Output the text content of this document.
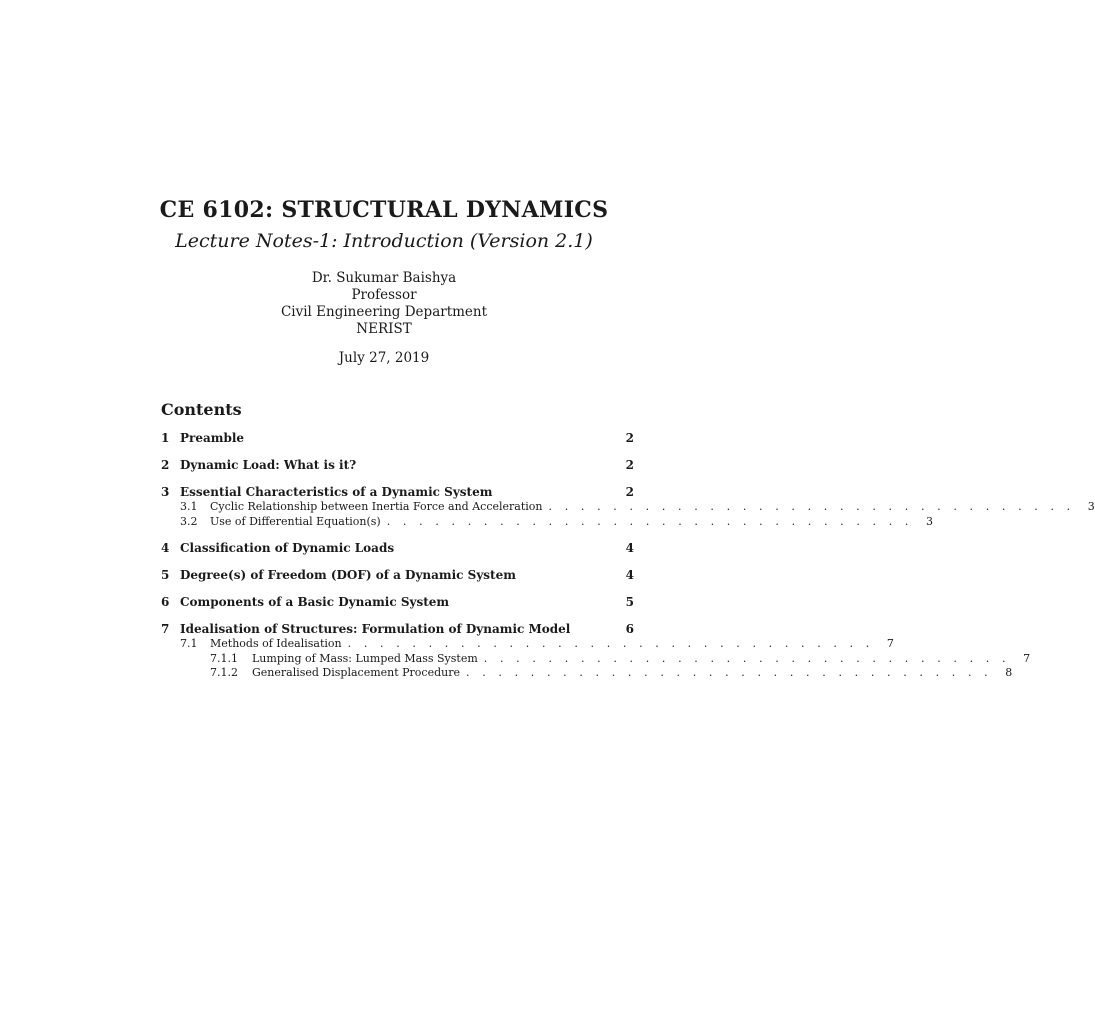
CE 6102: STRUCTURAL DYNAMICS
Lecture Notes-1: Introduction (Version 2.1)
Dr. Sukumar Baishya
Professor
Civil Engineering Department
NERIST
July 27, 2019
Contents
1 Preamble	2
2 Dynamic Load: What is it?	2
3 Essential Characteristics of a Dynamic System	2
3.1	Cyclic Relationship between Inertia Force and Acceleration . . . . . . . . . . . . . . . . . . . . . . . . . . . . . . . . .	3
3.2	Use of Differential Equation(s) . . . . . . . . . . . . . . . . . . . . . . . . . . . . . . . . .	3
4 Classification of Dynamic Loads	4
5 Degree(s) of Freedom (DOF) of a Dynamic System	4
6 Components of a Basic Dynamic System	5
7 Idealisation of Structures: Formulation of Dynamic Model	6
7.1	Methods of Idealisation . . . . . . . . . . . . . . . . . . . . . . . . . . . . . . . . .	7
7.1.1	Lumping of Mass: Lumped Mass System . . . . . . . . . . . . . . . . . . . . . . . . . . . . . . . . .	7
7.1.2	Generalised Displacement Procedure . . . . . . . . . . . . . . . . . . . . . . . . . . . . . . . . .	8
